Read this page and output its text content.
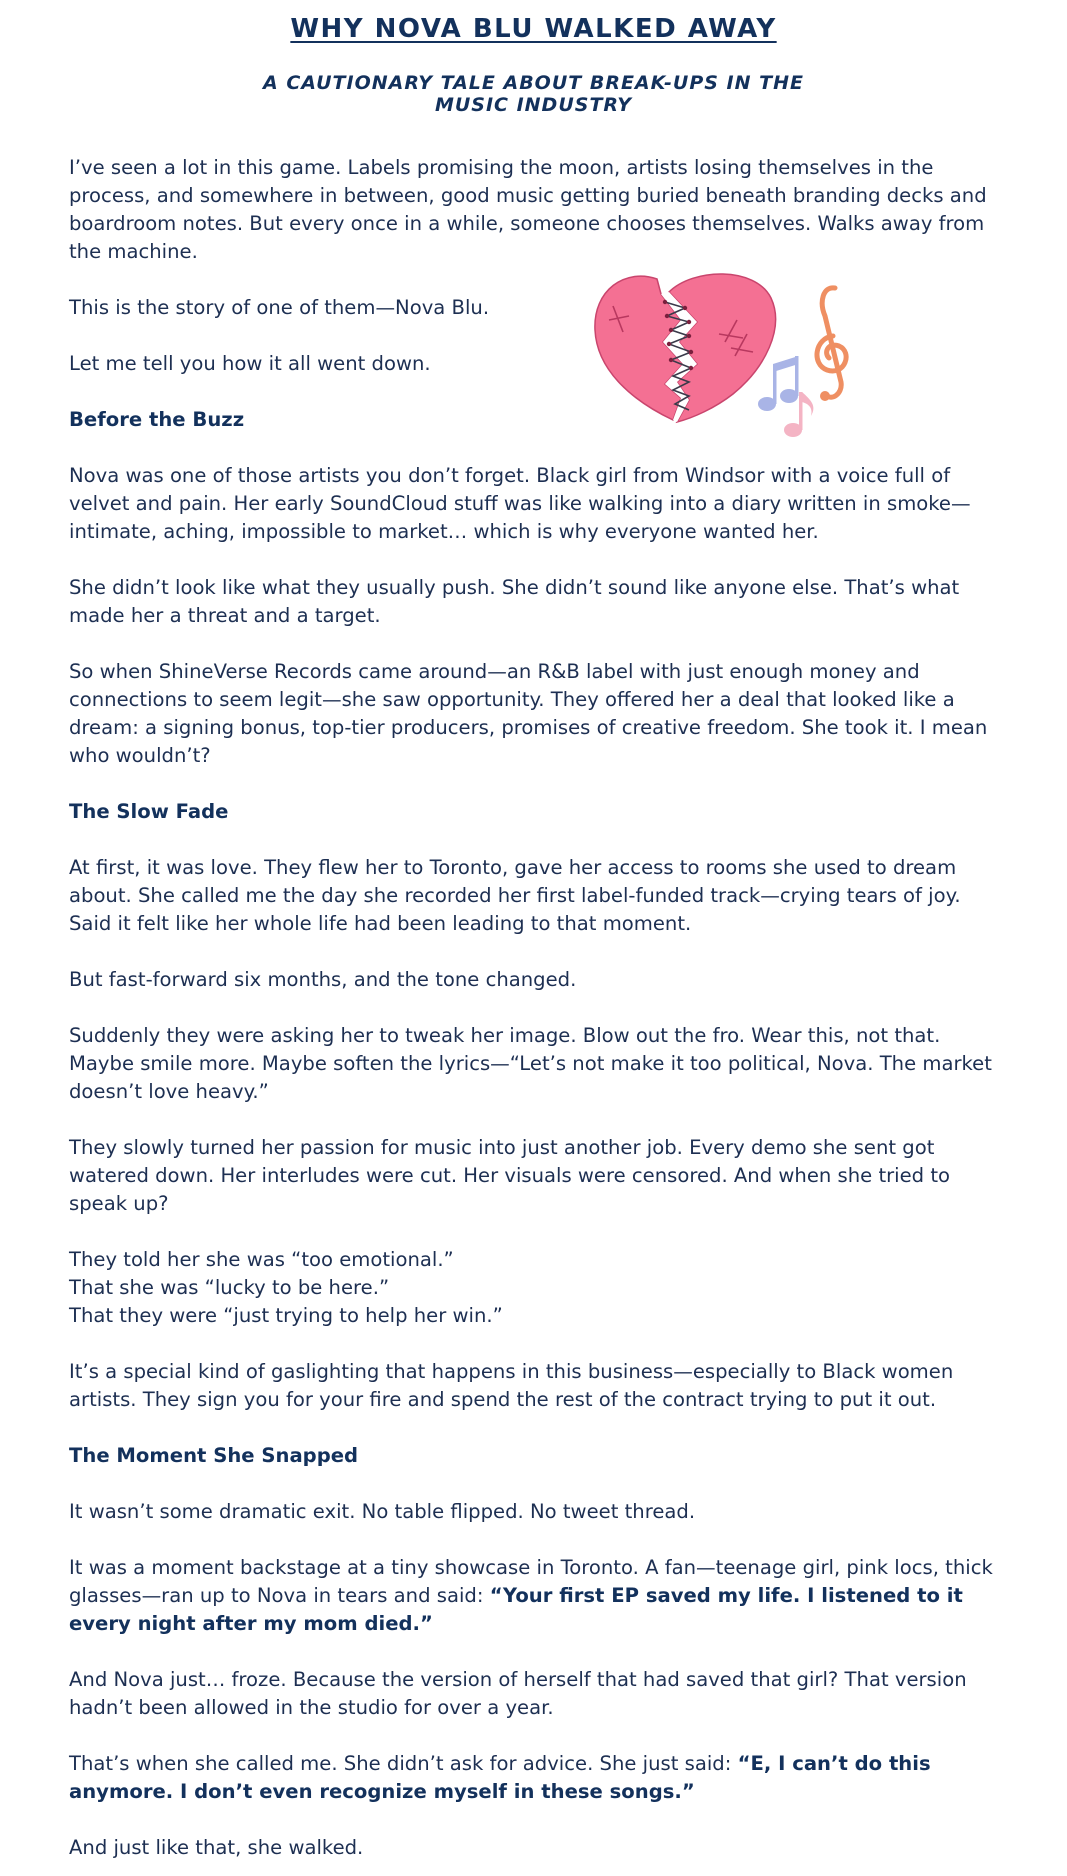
WHY NOVA BLU WALKED AWAY
A CAUTIONARY TALE ABOUT BREAK-UPS IN THE MUSIC INDUSTRY

I’ve seen a lot in this game. Labels promising the moon, artists losing themselves in the process, and somewhere in between, good music getting buried beneath branding decks and boardroom notes. But every once in a while, someone chooses themselves. Walks away from the machine.

This is the story of one of them—Nova Blu.

Let me tell you how it all went down.

Before the Buzz

Nova was one of those artists you don’t forget. Black girl from Windsor with a voice full of velvet and pain. Her early SoundCloud stuff was like walking into a diary written in smoke—intimate, aching, impossible to market… which is why everyone wanted her.

She didn’t look like what they usually push. She didn’t sound like anyone else. That’s what made her a threat and a target.

So when ShineVerse Records came around—an R&B label with just enough money and connections to seem legit—she saw opportunity. They offered her a deal that looked like a dream: a signing bonus, top-tier producers, promises of creative freedom. She took it. I mean who wouldn’t?

The Slow Fade

At first, it was love. They flew her to Toronto, gave her access to rooms she used to dream about. She called me the day she recorded her first label-funded track—crying tears of joy. Said it felt like her whole life had been leading to that moment.

But fast-forward six months, and the tone changed.

Suddenly they were asking her to tweak her image. Blow out the fro. Wear this, not that. Maybe smile more. Maybe soften the lyrics—“Let’s not make it too political, Nova. The market doesn’t love heavy.”

They slowly turned her passion for music into just another job. Every demo she sent got watered down. Her interludes were cut. Her visuals were censored. And when she tried to speak up?

They told her she was “too emotional.”
That she was “lucky to be here.”
That they were “just trying to help her win.”

It’s a special kind of gaslighting that happens in this business—especially to Black women artists. They sign you for your fire and spend the rest of the contract trying to put it out.

The Moment She Snapped

It wasn’t some dramatic exit. No table flipped. No tweet thread.

It was a moment backstage at a tiny showcase in Toronto. A fan—teenage girl, pink locs, thick glasses—ran up to Nova in tears and said: “Your first EP saved my life. I listened to it every night after my mom died.”

And Nova just… froze. Because the version of herself that had saved that girl? That version hadn’t been allowed in the studio for over a year.

That’s when she called me. She didn’t ask for advice. She just said: “E, I can’t do this anymore. I don’t even recognize myself in these songs.”

And just like that, she walked.
